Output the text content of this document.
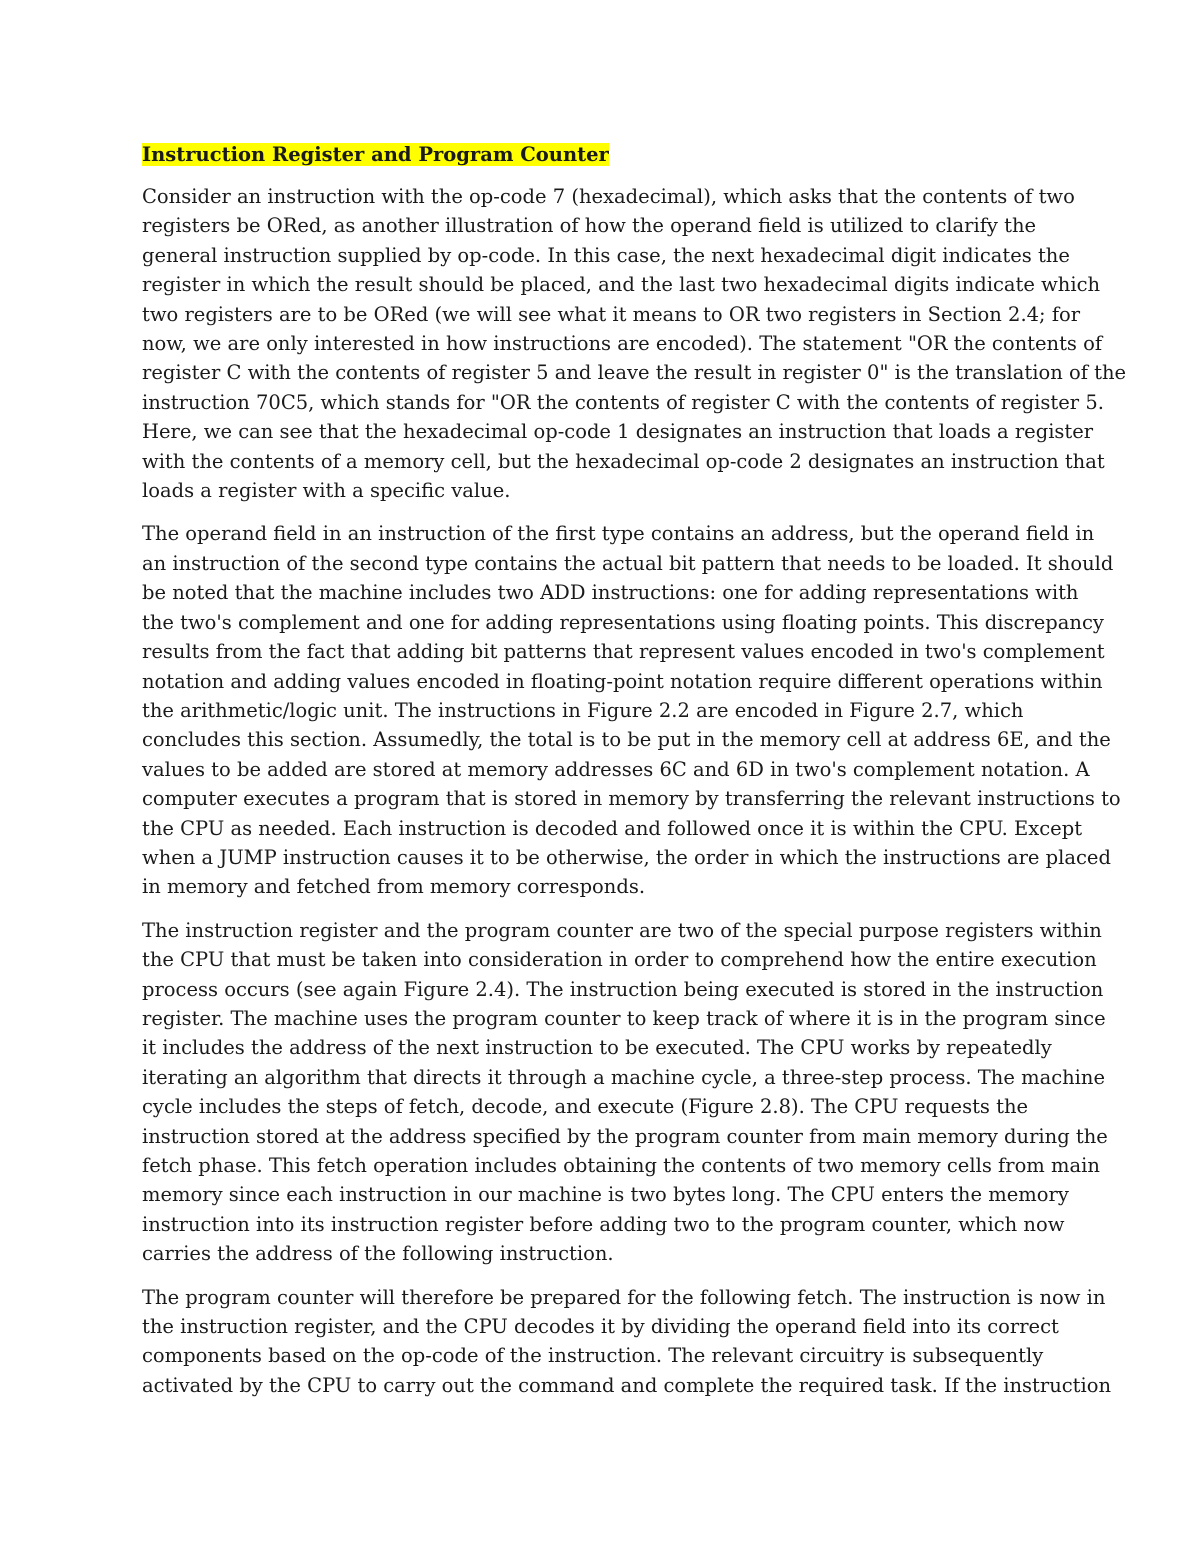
Instruction Register and Program Counter
Consider an instruction with the op-code 7 (hexadecimal), which asks that the contents of two
registers be ORed, as another illustration of how the operand field is utilized to clarify the
general instruction supplied by op-code. In this case, the next hexadecimal digit indicates the
register in which the result should be placed, and the last two hexadecimal digits indicate which
two registers are to be ORed (we will see what it means to OR two registers in Section 2.4; for
now, we are only interested in how instructions are encoded). The statement "OR the contents of
register C with the contents of register 5 and leave the result in register 0" is the translation of the
instruction 70C5, which stands for "OR the contents of register C with the contents of register 5.
Here, we can see that the hexadecimal op-code 1 designates an instruction that loads a register
with the contents of a memory cell, but the hexadecimal op-code 2 designates an instruction that
loads a register with a specific value.
The operand field in an instruction of the first type contains an address, but the operand field in
an instruction of the second type contains the actual bit pattern that needs to be loaded. It should
be noted that the machine includes two ADD instructions: one for adding representations with
the two's complement and one for adding representations using floating points. This discrepancy
results from the fact that adding bit patterns that represent values encoded in two's complement
notation and adding values encoded in floating-point notation require different operations within
the arithmetic/logic unit. The instructions in Figure 2.2 are encoded in Figure 2.7, which
concludes this section. Assumedly, the total is to be put in the memory cell at address 6E, and the
values to be added are stored at memory addresses 6C and 6D in two's complement notation. A
computer executes a program that is stored in memory by transferring the relevant instructions to
the CPU as needed. Each instruction is decoded and followed once it is within the CPU. Except
when a JUMP instruction causes it to be otherwise, the order in which the instructions are placed
in memory and fetched from memory corresponds.
The instruction register and the program counter are two of the special purpose registers within
the CPU that must be taken into consideration in order to comprehend how the entire execution
process occurs (see again Figure 2.4). The instruction being executed is stored in the instruction
register. The machine uses the program counter to keep track of where it is in the program since
it includes the address of the next instruction to be executed. The CPU works by repeatedly
iterating an algorithm that directs it through a machine cycle, a three-step process. The machine
cycle includes the steps of fetch, decode, and execute (Figure 2.8). The CPU requests the
instruction stored at the address specified by the program counter from main memory during the
fetch phase. This fetch operation includes obtaining the contents of two memory cells from main
memory since each instruction in our machine is two bytes long. The CPU enters the memory
instruction into its instruction register before adding two to the program counter, which now
carries the address of the following instruction.
The program counter will therefore be prepared for the following fetch. The instruction is now in
the instruction register, and the CPU decodes it by dividing the operand field into its correct
components based on the op-code of the instruction. The relevant circuitry is subsequently
activated by the CPU to carry out the command and complete the required task. If the instruction
